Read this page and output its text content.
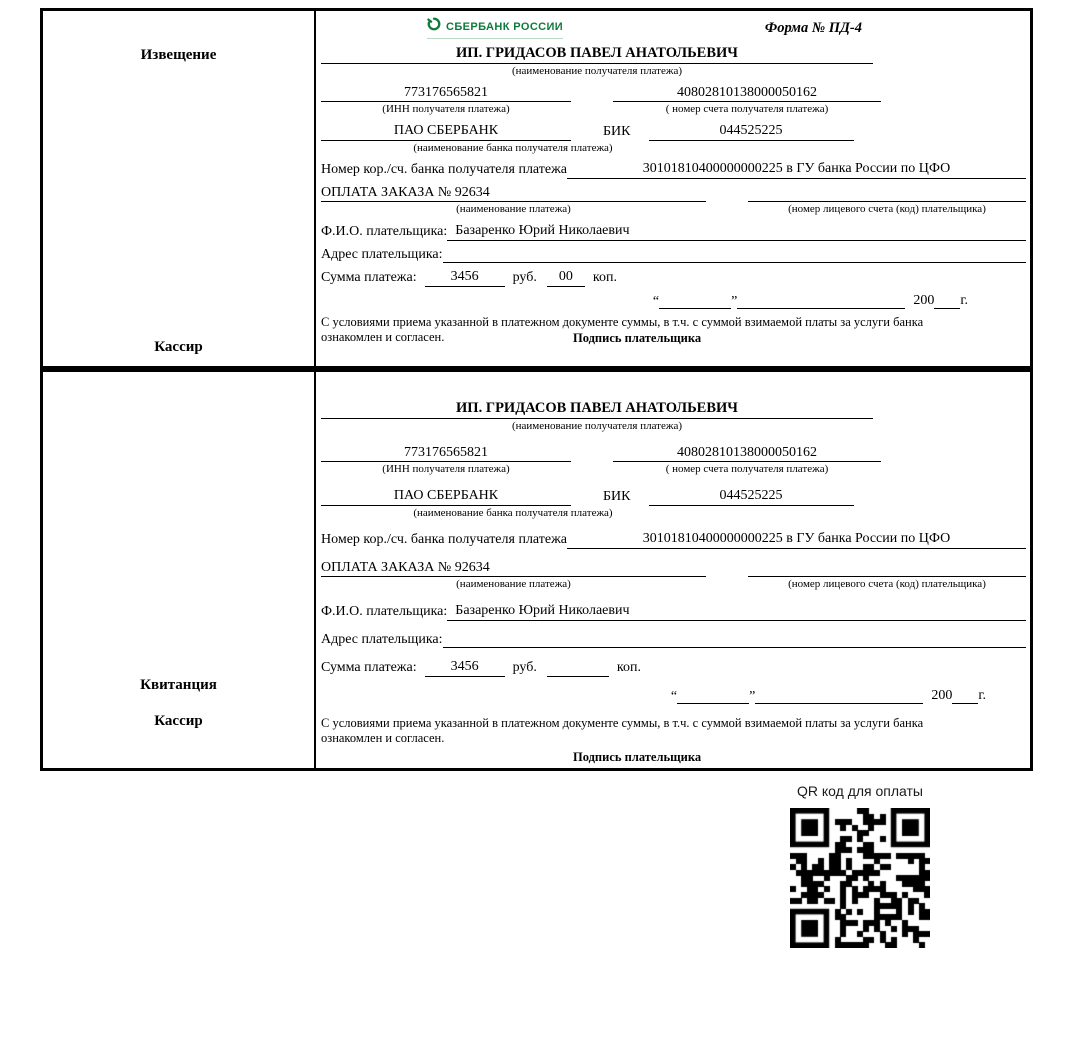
Извещение
Кассир
СБЕРБАНК РОССИИ	Форма № ПД-4
ИП. ГРИДАСОВ ПАВЕЛ АНАТОЛЬЕВИЧ
(наименование получателя платежа)
773176565821	40802810138000050162
(ИНН получателя платежа)	( номер счета получателя платежа)
ПАО СБЕРБАНК	БИК	044525225
(наименование банка получателя платежа)
Номер кор./сч. банка получателя платежа	30101810400000000225 в ГУ банка России по ЦФО
ОПЛАТА ЗАКАЗА № 92634
(наименование платежа)	(номер лицевого счета (код) плательщика)
Ф.И.О. плательщика: Базаренко Юрий Николаевич
Адрес плательщика:
Сумма платежа:	3456	руб.	00	коп.
“	”	200 г.
С условиями приема указанной в платежном документе суммы, в т.ч. с суммой взимаемой платы за услуги банка
ознакомлен и согласен.	Подпись плательщика
Квитанция
Кассир
ИП. ГРИДАСОВ ПАВЕЛ АНАТОЛЬЕВИЧ
(наименование получателя платежа)
773176565821	40802810138000050162
(ИНН получателя платежа)	( номер счета получателя платежа)
ПАО СБЕРБАНК	БИК	044525225
(наименование банка получателя платежа)
Номер кор./сч. банка получателя платежа	30101810400000000225 в ГУ банка России по ЦФО
ОПЛАТА ЗАКАЗА № 92634
(наименование платежа)	(номер лицевого счета (код) плательщика)
Ф.И.О. плательщика: Базаренко Юрий Николаевич
Адрес плательщика:
Сумма платежа:	3456	руб.	коп.
“	”	200 г.
С условиями приема указанной в платежном документе суммы, в т.ч. с суммой взимаемой платы за услуги банка
ознакомлен и согласен.
Подпись плательщика
QR код для оплаты
